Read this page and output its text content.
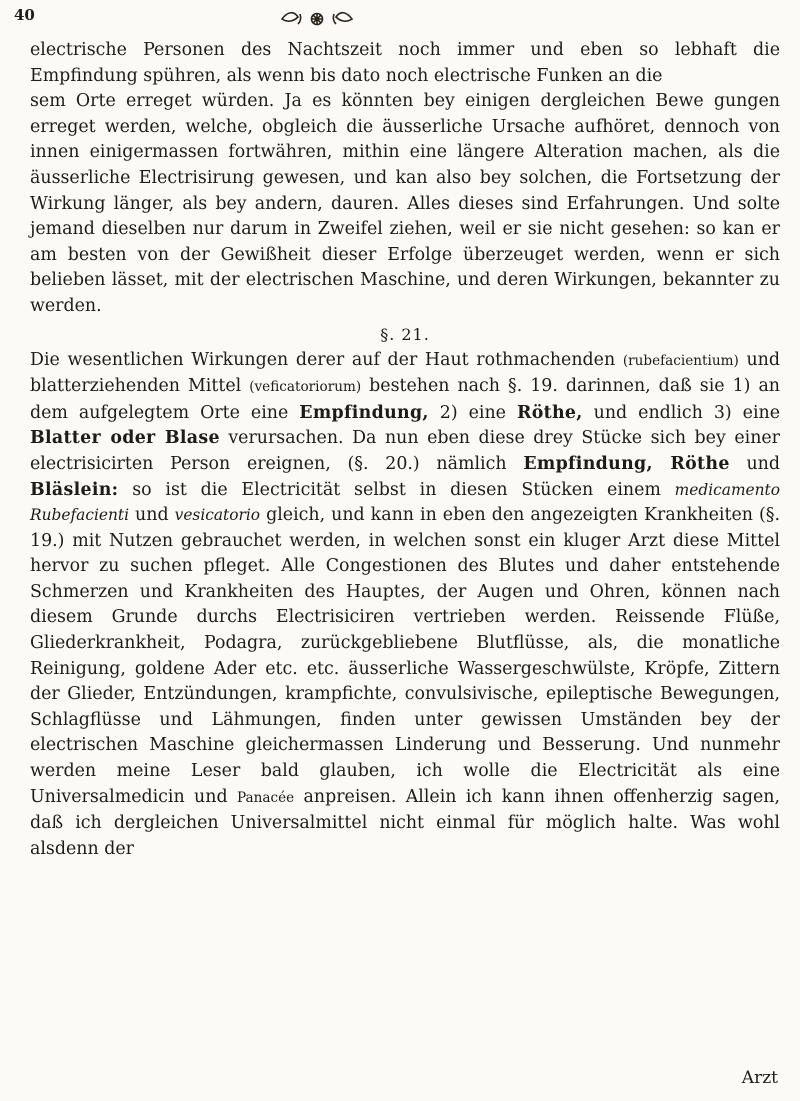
40

electrische Personen des Nachtszeit noch immer und eben so lebhaft die Empfindung spühren, als wenn bis dato noch electrische Funken an die
sem Orte erreget würden. Ja es könnten bey einigen dergleichen Bewe gungen erreget werden, welche, obgleich die äusserliche Ursache aufhöret, dennoch von innen einigermassen fortwähren, mithin eine längere Alteration machen, als die äusserliche Electrisirung gewesen, und kan also bey solchen, die Fortsetzung der Wirkung länger, als bey andern, dauren. Alles dieses sind Erfahrungen. Und solte jemand dieselben nur darum in Zweifel ziehen, weil er sie nicht gesehen: so kan er am besten von der Gewißheit dieser Erfolge überzeuget werden, wenn er sich belieben lässet, mit der electrischen Maschine, und deren Wirkungen, bekannter zu werden.

§. 21.

Die wesentlichen Wirkungen derer auf der Haut rothmachenden (rubefacientium) und blatterziehenden Mittel (veficatoriorum) bestehen nach §. 19. darinnen, daß sie 1) an dem aufgelegtem Orte eine Empfindung, 2) eine Röthe, und endlich 3) eine Blatter oder Blase verursachen. Da nun eben diese drey Stücke sich bey einer electrisicirten Person ereignen, (§. 20.) nämlich Empfindung, Röthe und Bläslein: so ist die Electricität selbst in diesen Stücken einem medicamento Rubefacienti und vesicatorio gleich, und kann in eben den angezeigten Krankheiten (§. 19.) mit Nutzen gebrauchet werden, in welchen sonst ein kluger Arzt diese Mittel hervor zu suchen pfleget. Alle Congestionen des Blutes und daher entstehende Schmerzen und Krankheiten des Hauptes, der Augen und Ohren, können nach diesem Grunde durchs Electrisiciren vertrieben werden. Reissende Flüße, Gliederkrankheit, Podagra, zurückgebliebene Blutflüsse, als, die monatliche Reinigung, goldene Ader etc. etc. äusserliche Wassergeschwülste, Kröpfe, Zittern der Glieder, Entzündungen, krampfichte, convulsivische, epileptische Bewegungen, Schlagflüsse und Lähmungen, finden unter gewissen Umständen bey der electrischen Maschine gleichermassen Linderung und Besserung. Und nunmehr werden meine Leser bald glauben, ich wolle die Electricität als eine Universalmedicin und Panacée anpreisen. Allein ich kann ihnen offenherzig sagen, daß ich dergleichen Universalmittel nicht einmal für möglich halte. Was wohl alsdenn der

Arzt
